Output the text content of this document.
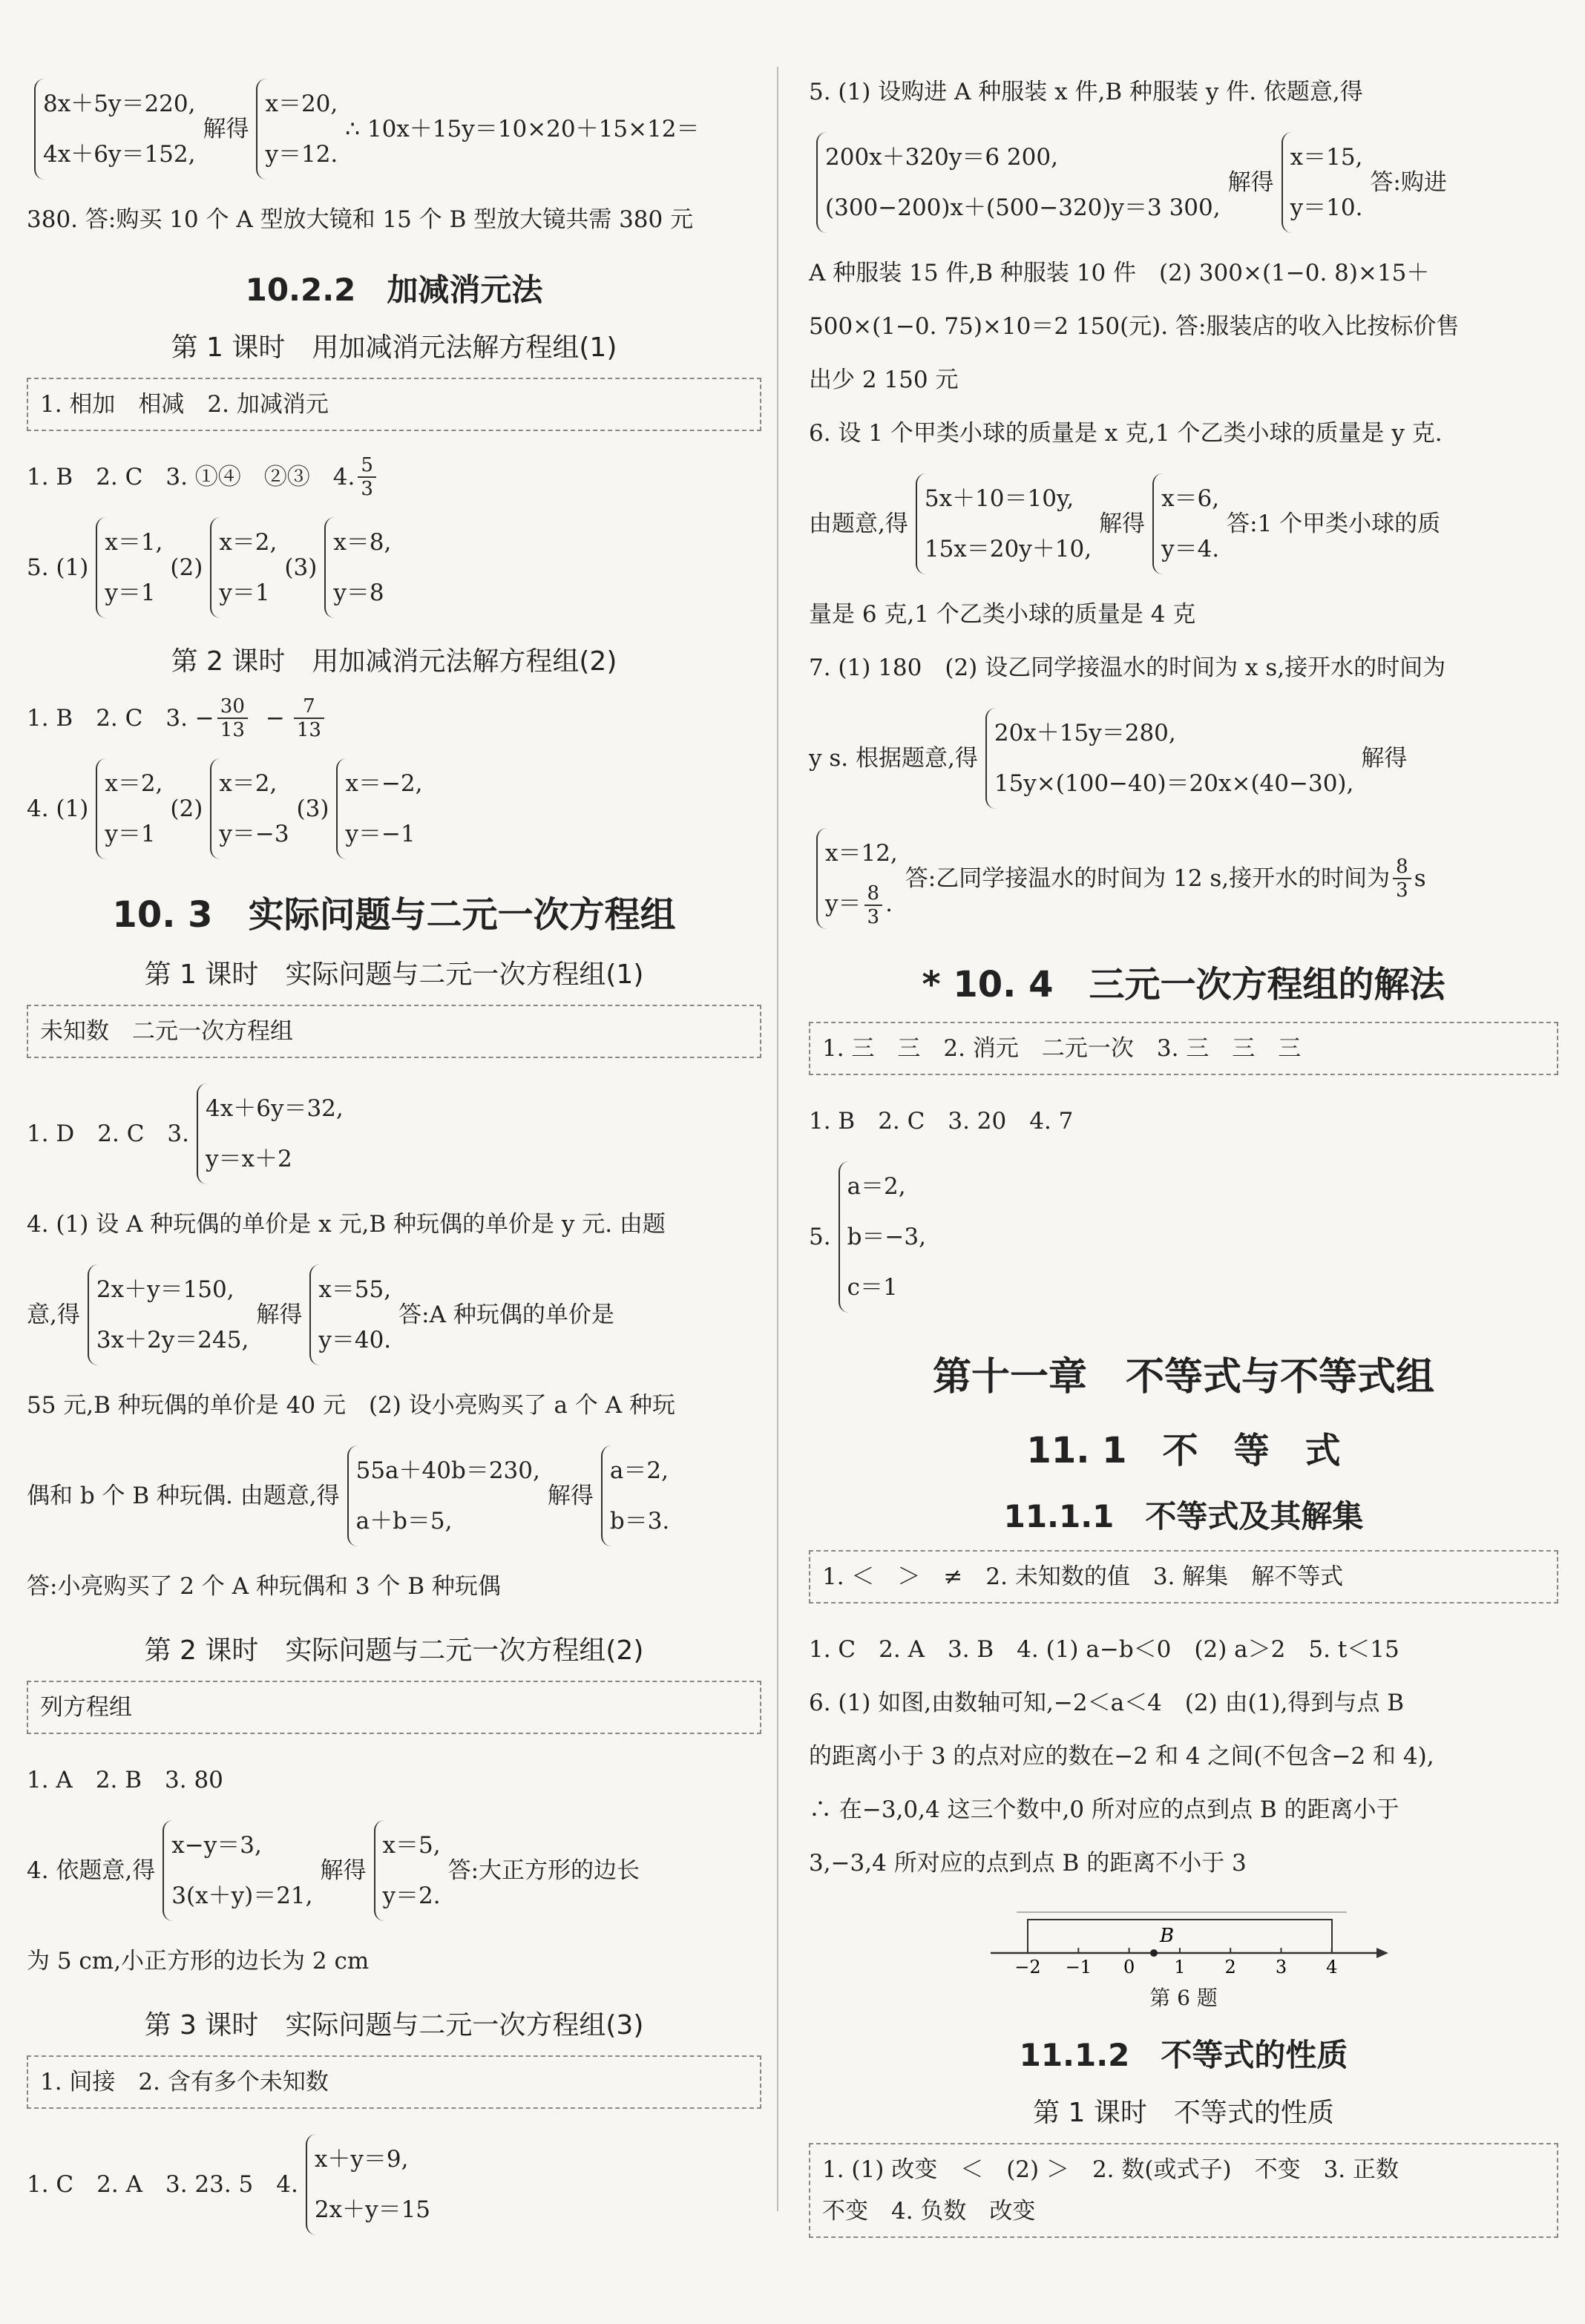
8x＋5y＝220,
4x＋6y＝152,
解得
x＝20,
y＝12.
∴ 10x＋15y＝10×20＋15×12＝
380. 答:购买 10 个 A 型放大镜和 15 个 B 型放大镜共需 380 元
10.2.2　加减消元法
第 1 课时　用加减消元法解方程组(1)
1. 相加　相减　2. 加减消元
1. B　2. C　3. ①④　②③　4. $\frac{5}{3}$
5. (1)
x＝1,
y＝1
(2)
x＝2,
y＝1
(3)
x＝8,
y＝8
第 2 课时　用加减消元法解方程组(2)
1. B　2. C　3. − $\frac{30}{13} - \frac{7}{13}$
4. (1)
x＝2,
y＝1
(2)
x＝2,
y＝−3
(3)
x＝−2,
y＝−1
10. 3　实际问题与二元一次方程组
第 1 课时　实际问题与二元一次方程组(1)
未知数　二元一次方程组
1. D　2. C　3.
4x＋6y＝32,
y＝x＋2
4. (1) 设 A 种玩偶的单价是 x 元,B 种玩偶的单价是 y 元. 由题
意,得
2x＋y＝150,
3x＋2y＝245,
解得
x＝55,
y＝40.
答:A 种玩偶的单价是
55 元,B 种玩偶的单价是 40 元　(2) 设小亮购买了 a 个 A 种玩
偶和 b 个 B 种玩偶. 由题意,得
55a＋40b＝230,
a＋b＝5,
解得
a＝2,
b＝3.
答:小亮购买了 2 个 A 种玩偶和 3 个 B 种玩偶
第 2 课时　实际问题与二元一次方程组(2)
列方程组
1. A　2. B　3. 80
4. 依题意,得
x−y＝3,
3(x＋y)＝21,
解得
x＝5,
y＝2.
答:大正方形的边长
为 5 cm,小正方形的边长为 2 cm
第 3 课时　实际问题与二元一次方程组(3)
1. 间接　2. 含有多个未知数
1. C　2. A　3. 23. 5　4.
x＋y＝9,
2x＋y＝15
5. (1) 设购进 A 种服装 x 件,B 种服装 y 件. 依题意,得
200x＋320y＝6 200,
(300−200)x＋(500−320)y＝3 300,
解得
x＝15,
y＝10.
答:购进
A 种服装 15 件,B 种服装 10 件　(2) 300×(1−0. 8)×15＋
500×(1−0. 75)×10＝2 150(元). 答:服装店的收入比按标价售
出少 2 150 元
6. 设 1 个甲类小球的质量是 x 克,1 个乙类小球的质量是 y 克.
由题意,得
5x＋10＝10y,
15x＝20y＋10,
解得
x＝6,
y＝4.
答:1 个甲类小球的质
量是 6 克,1 个乙类小球的质量是 4 克
7. (1) 180　(2) 设乙同学接温水的时间为 x s,接开水的时间为
y s. 根据题意,得
20x＋15y＝280,
15y×(100−40)＝20x×(40−30),
解得
x＝12,
$y= \frac{8}{3}$ .
答:乙同学接温水的时间为 12 s,接开水的时间为 $\frac{8}{3}$ s
* 10. 4　三元一次方程组的解法
1. 三　三　2. 消元　二元一次　3. 三　三　三
1. B　2. C　3. 20　4. 7
5.
a＝2,
b＝−3,
c＝1
第十一章　不等式与不等式组
11. 1　不　等　式
11.1.1　不等式及其解集
1. ＜　＞　≠　2. 未知数的值　3. 解集　解不等式
1. C　2. A　3. B　4. (1) a−b＜0　(2) a＞2　5. t＜15
6. (1) 如图,由数轴可知,−2＜a＜4　(2) 由(1),得到与点 B
的距离小于 3 的点对应的数在−2 和 4 之间(不包含−2 和 4),
∴ 在−3,0,4 这三个数中,0 所对应的点到点 B 的距离小于
3,−3,4 所对应的点到点 B 的距离不小于 3
−2 −1 0 1 2 3 4
B
第 6 题
11.1.2　不等式的性质
第 1 课时　不等式的性质
1. (1) 改变　＜　(2) ＞　2. 数(或式子)　不变　3. 正数
不变　4. 负数　改变
